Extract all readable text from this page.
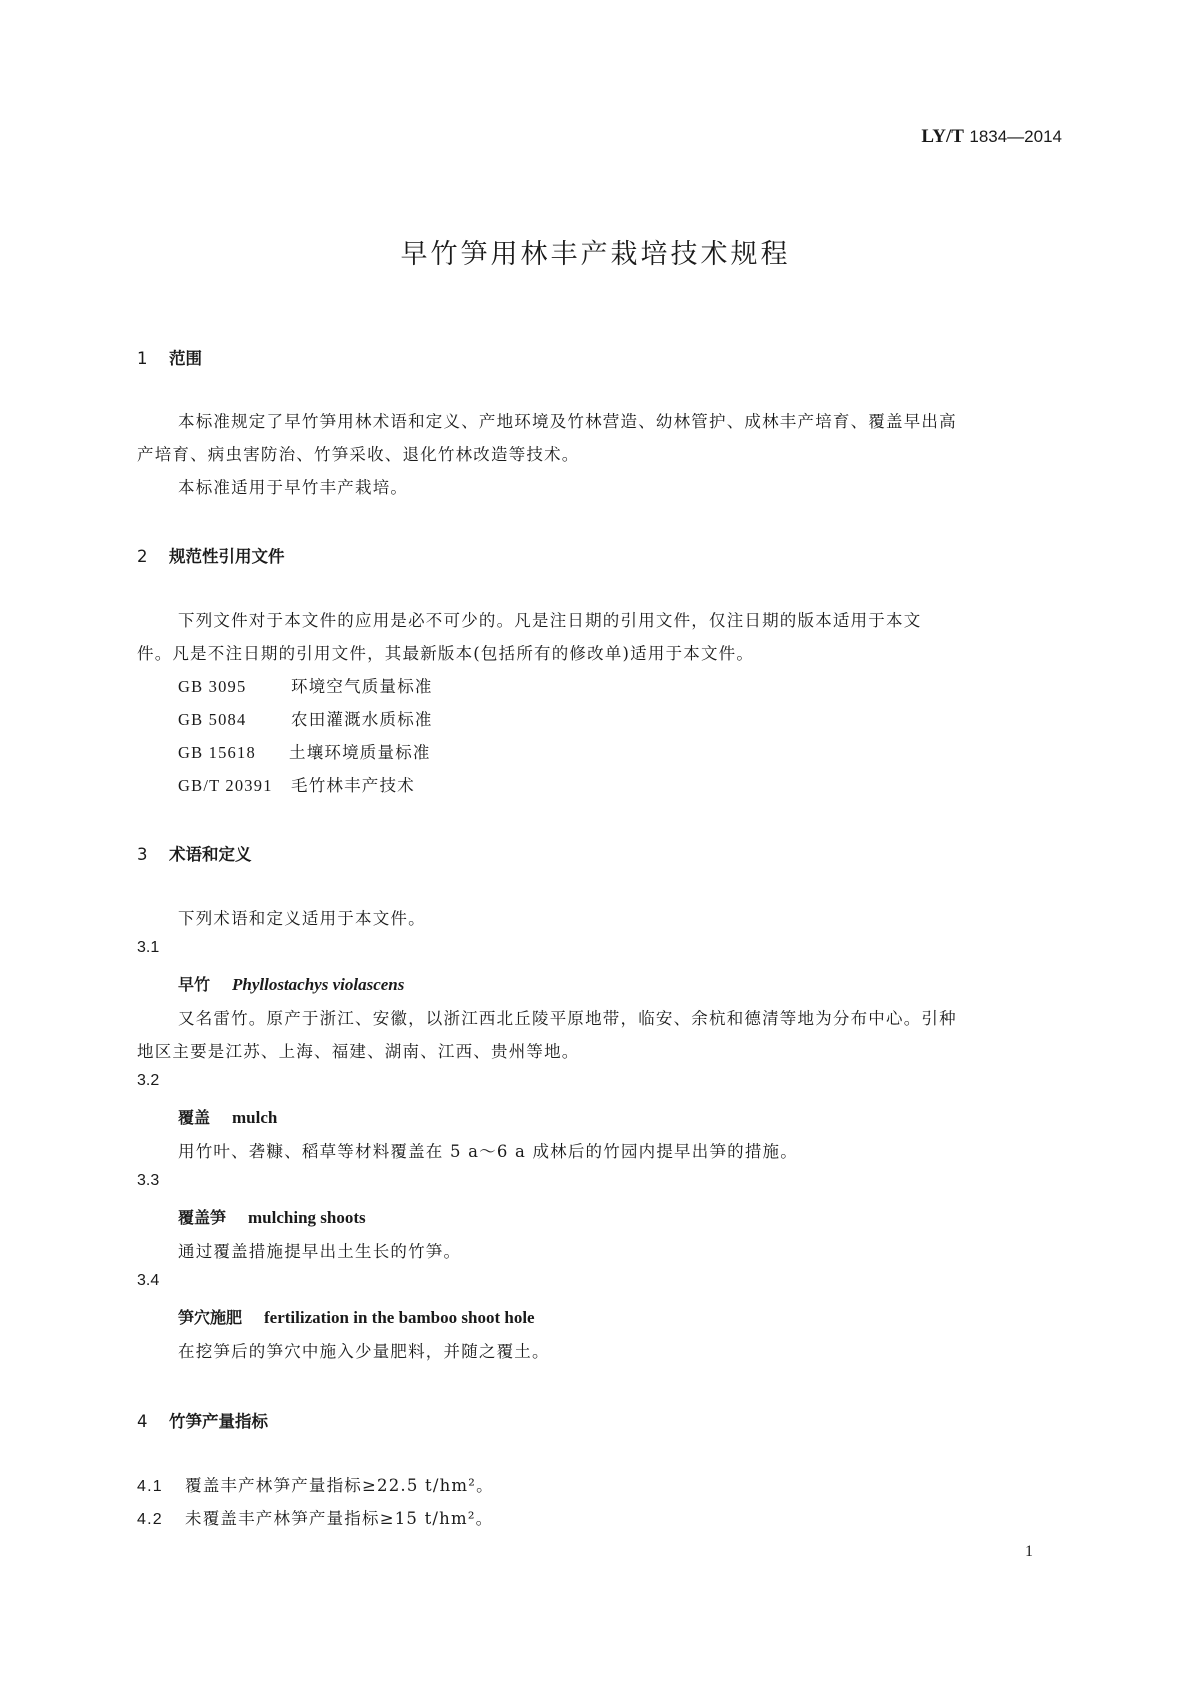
LY/T 1834—2014
早竹笋用林丰产栽培技术规程
1 范围
本标准规定了早竹笋用林术语和定义、产地环境及竹林营造、幼林管护、成林丰产培育、覆盖早出高
产培育、病虫害防治、竹笋采收、退化竹林改造等技术。
本标准适用于早竹丰产栽培。
2 规范性引用文件
下列文件对于本文件的应用是必不可少的。凡是注日期的引用文件，仅注日期的版本适用于本文
件。凡是不注日期的引用文件，其最新版本(包括所有的修改单)适用于本文件。
GB 3095	环境空气质量标准
GB 5084	农田灌溉水质标准
GB 15618 土壤环境质量标准
GB/T 20391 毛竹林丰产技术
3 术语和定义
下列术语和定义适用于本文件。
3.1
早竹 Phyllostachys violascens
又名雷竹。原产于浙江、安徽，以浙江西北丘陵平原地带，临安、余杭和德清等地为分布中心。引种
地区主要是江苏、上海、福建、湖南、江西、贵州等地。
3.2
覆盖 mulch
用竹叶、砻糠、稻草等材料覆盖在 5 a～6 a 成林后的竹园内提早出笋的措施。
3.3
覆盖笋 mulching shoots
通过覆盖措施提早出土生长的竹笋。
3.4
笋穴施肥 fertilization in the bamboo shoot hole
在挖笋后的笋穴中施入少量肥料，并随之覆土。
4 竹笋产量指标
4.1 覆盖丰产林笋产量指标≥22.5 t/hm²。
4.2 未覆盖丰产林笋产量指标≥15 t/hm²。
1
